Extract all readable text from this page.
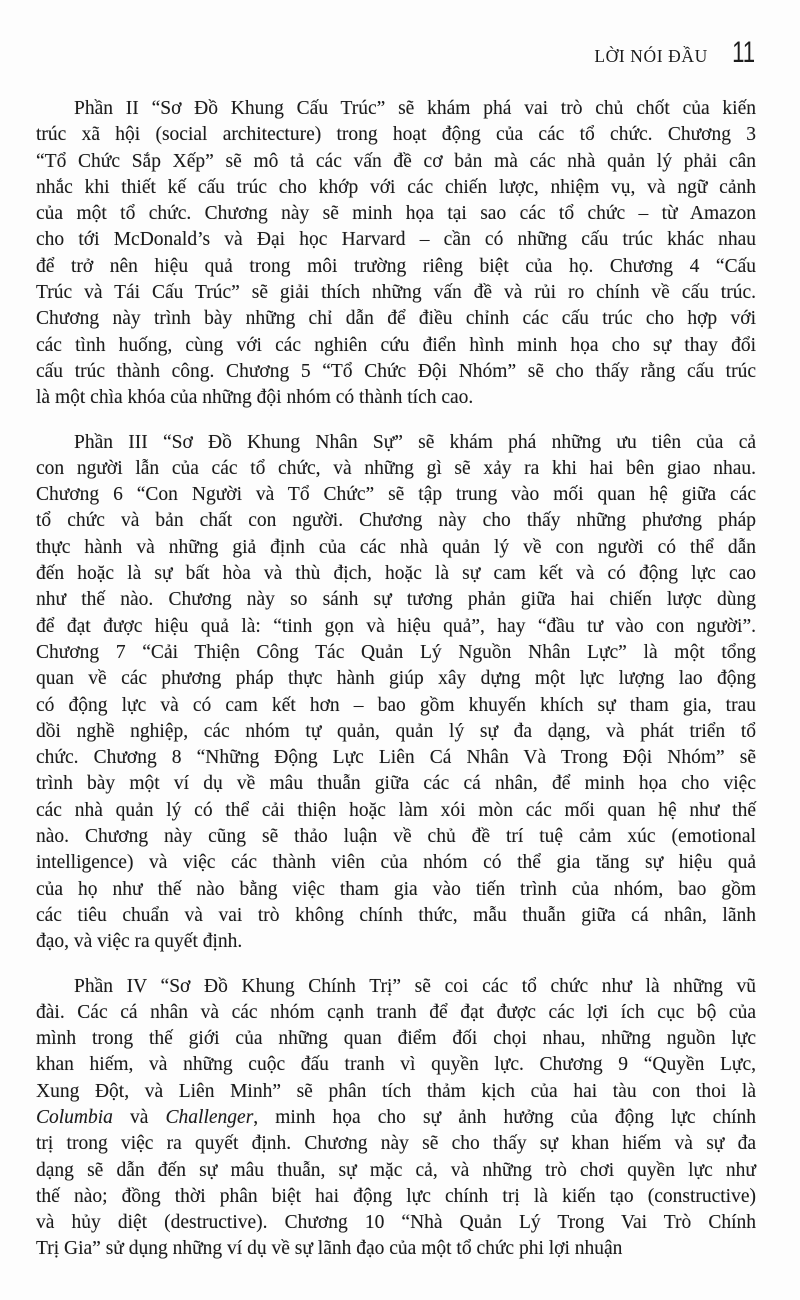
LỜI NÓI ĐẦU 11
Phần II “Sơ Đồ Khung Cấu Trúc” sẽ khám phá vai trò chủ chốt của kiến
trúc xã hội (social architecture) trong hoạt động của các tổ chức. Chương 3
“Tổ Chức Sắp Xếp” sẽ mô tả các vấn đề cơ bản mà các nhà quản lý phải cân
nhắc khi thiết kế cấu trúc cho khớp với các chiến lược, nhiệm vụ, và ngữ cảnh
của một tổ chức. Chương này sẽ minh họa tại sao các tổ chức – từ Amazon
cho tới McDonald’s và Đại học Harvard – cần có những cấu trúc khác nhau
để trở nên hiệu quả trong môi trường riêng biệt của họ. Chương 4 “Cấu
Trúc và Tái Cấu Trúc” sẽ giải thích những vấn đề và rủi ro chính về cấu trúc.
Chương này trình bày những chỉ dẫn để điều chỉnh các cấu trúc cho hợp với
các tình huống, cùng với các nghiên cứu điển hình minh họa cho sự thay đổi
cấu trúc thành công. Chương 5 “Tổ Chức Đội Nhóm” sẽ cho thấy rằng cấu trúc
là một chìa khóa của những đội nhóm có thành tích cao.
Phần III “Sơ Đồ Khung Nhân Sự” sẽ khám phá những ưu tiên của cả
con người lẫn của các tổ chức, và những gì sẽ xảy ra khi hai bên giao nhau.
Chương 6 “Con Người và Tổ Chức” sẽ tập trung vào mối quan hệ giữa các
tổ chức và bản chất con người. Chương này cho thấy những phương pháp
thực hành và những giả định của các nhà quản lý về con người có thể dẫn
đến hoặc là sự bất hòa và thù địch, hoặc là sự cam kết và có động lực cao
như thế nào. Chương này so sánh sự tương phản giữa hai chiến lược dùng
để đạt được hiệu quả là: “tinh gọn và hiệu quả”, hay “đầu tư vào con người”.
Chương 7 “Cải Thiện Công Tác Quản Lý Nguồn Nhân Lực” là một tổng
quan về các phương pháp thực hành giúp xây dựng một lực lượng lao động
có động lực và có cam kết hơn – bao gồm khuyến khích sự tham gia, trau
dồi nghề nghiệp, các nhóm tự quản, quản lý sự đa dạng, và phát triển tổ
chức. Chương 8 “Những Động Lực Liên Cá Nhân Và Trong Đội Nhóm” sẽ
trình bày một ví dụ về mâu thuẫn giữa các cá nhân, để minh họa cho việc
các nhà quản lý có thể cải thiện hoặc làm xói mòn các mối quan hệ như thế
nào. Chương này cũng sẽ thảo luận về chủ đề trí tuệ cảm xúc (emotional
intelligence) và việc các thành viên của nhóm có thể gia tăng sự hiệu quả
của họ như thế nào bằng việc tham gia vào tiến trình của nhóm, bao gồm
các tiêu chuẩn và vai trò không chính thức, mẫu thuẫn giữa cá nhân, lãnh
đạo, và việc ra quyết định.
Phần IV “Sơ Đồ Khung Chính Trị” sẽ coi các tổ chức như là những vũ
đài. Các cá nhân và các nhóm cạnh tranh để đạt được các lợi ích cục bộ của
mình trong thế giới của những quan điểm đối chọi nhau, những nguồn lực
khan hiếm, và những cuộc đấu tranh vì quyền lực. Chương 9 “Quyền Lực,
Xung Đột, và Liên Minh” sẽ phân tích thảm kịch của hai tàu con thoi là
Columbia và Challenger, minh họa cho sự ảnh hưởng của động lực chính
trị trong việc ra quyết định. Chương này sẽ cho thấy sự khan hiếm và sự đa
dạng sẽ dẫn đến sự mâu thuẫn, sự mặc cả, và những trò chơi quyền lực như
thế nào; đồng thời phân biệt hai động lực chính trị là kiến tạo (constructive)
và hủy diệt (destructive). Chương 10 “Nhà Quản Lý Trong Vai Trò Chính
Trị Gia” sử dụng những ví dụ về sự lãnh đạo của một tổ chức phi lợi nhuận
